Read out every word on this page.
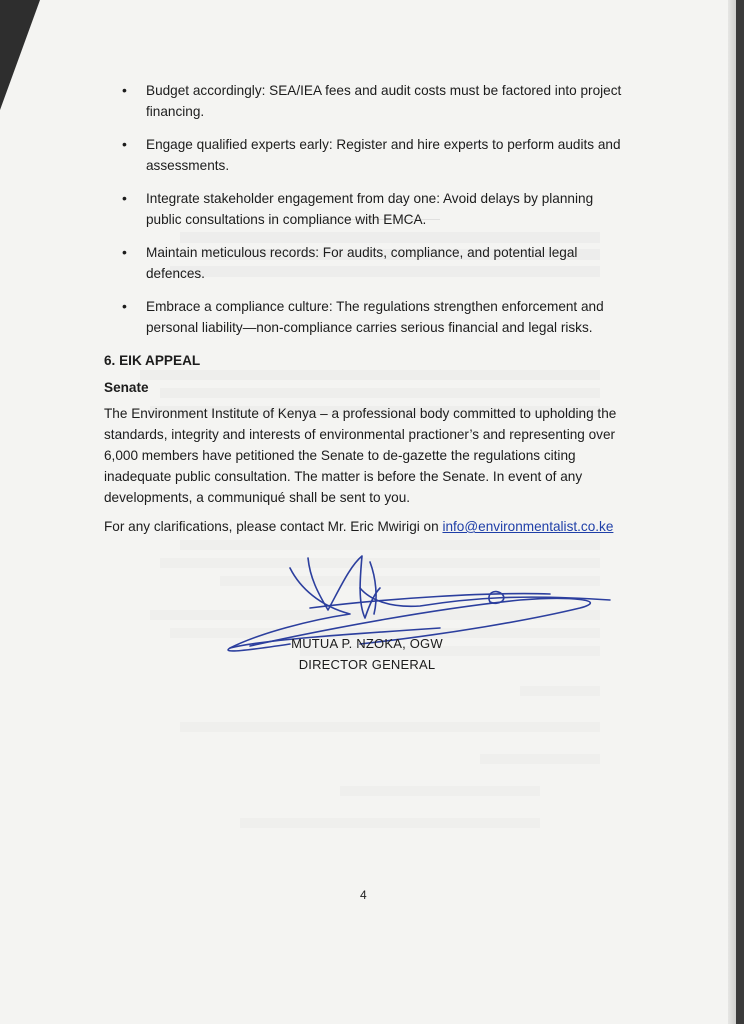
• Budget accordingly: SEA/IEA fees and audit costs must be factored into project financing.
• Engage qualified experts early: Register and hire experts to perform audits and assessments.
• Integrate stakeholder engagement from day one: Avoid delays by planning public consultations in compliance with EMCA.
• Maintain meticulous records: For audits, compliance, and potential legal defences.
• Embrace a compliance culture: The regulations strengthen enforcement and personal liability—non-compliance carries serious financial and legal risks.
6. EIK APPEAL
Senate

The Environment Institute of Kenya – a professional body committed to upholding the standards, integrity and interests of environmental practioner’s and representing over 6,000 members have petitioned the Senate to de-gazette the regulations citing inadequate public consultation. The matter is before the Senate. In event of any developments, a communiqué shall be sent to you.

For any clarifications, please contact Mr. Eric Mwirigi on info@environmentalist.co.ke

MUTUA P. NZOKA, OGW
DIRECTOR GENERAL
4
